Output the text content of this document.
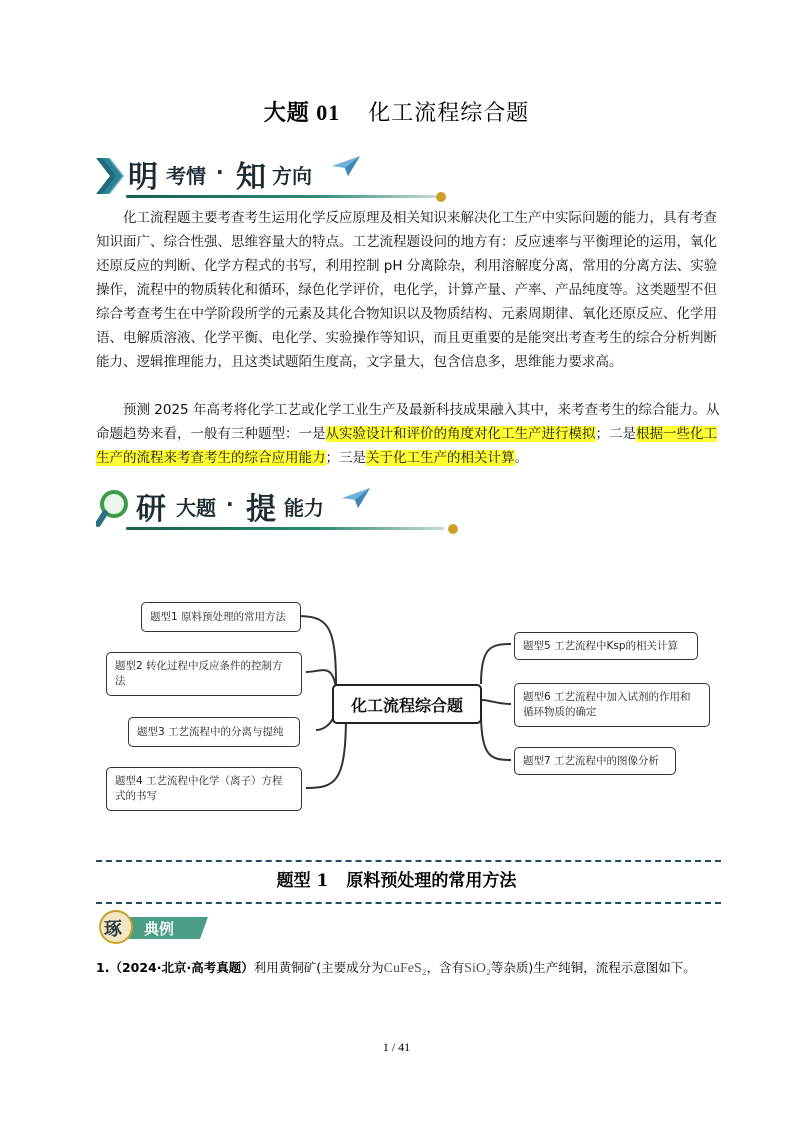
大题 01 化工流程综合题
明 考情 · 知 方向
化工流程题主要考查考生运用化学反应原理及相关知识来解决化工生产中实际问题的能力，具有考查知识面广、综合性强、思维容量大的特点。工艺流程题设问的地方有：反应速率与平衡理论的运用，氧化还原反应的判断、化学方程式的书写，利用控制 pH 分离除杂，利用溶解度分离，常用的分离方法、实验操作，流程中的物质转化和循环，绿色化学评价，电化学，计算产量、产率、产品纯度等。这类题型不但综合考查考生在中学阶段所学的元素及其化合物知识以及物质结构、元素周期律、氧化还原反应、化学用语、电解质溶液、化学平衡、电化学、实验操作等知识，而且更重要的是能突出考查考生的综合分析判断能力、逻辑推理能力，且这类试题陌生度高，文字量大，包含信息多，思维能力要求高。
预测 2025 年高考将化学工艺或化学工业生产及最新科技成果融入其中，来考查考生的综合能力。从命题趋势来看，一般有三种题型：一是从实验设计和评价的角度对化工生产进行模拟；二是根据一些化工生产的流程来考查考生的综合应用能力；三是关于化工生产的相关计算。
研 大题 · 提 能力
题型1 原料预处理的常用方法
题型2 转化过程中反应条件的控制方法
题型3 工艺流程中的分离与提纯
题型4 工艺流程中化学（离子）方程式的书写
化工流程综合题
题型5 工艺流程中Ksp的相关计算
题型6 工艺流程中加入试剂的作用和循环物质的确定
题型7 工艺流程中的图像分析
题型 1 原料预处理的常用方法
琢 典例
1.（2024·北京·高考真题）利用黄铜矿(主要成分为CuFeS₂，含有SiO₂等杂质)生产纯铜，流程示意图如下。
1 / 41
